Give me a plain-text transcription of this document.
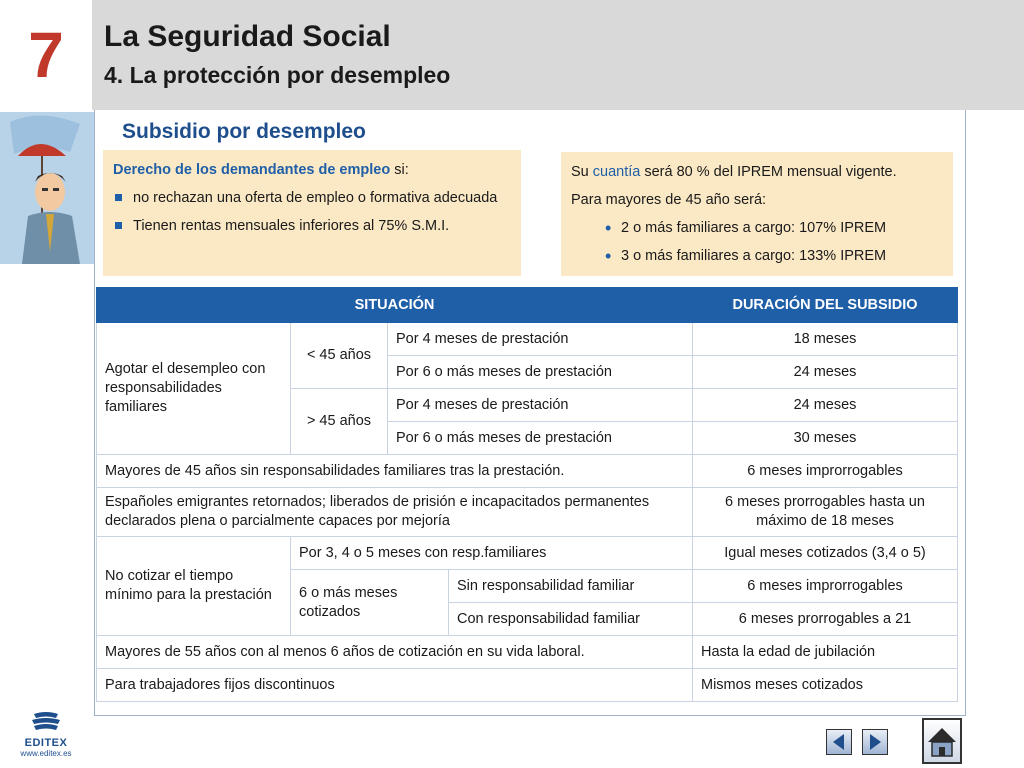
7 La Seguridad Social
4. La protección por desempleo
Subsidio por desempleo
Derecho de los demandantes de empleo si:
no rechazan una oferta de empleo o formativa adecuada
Tienen rentas mensuales inferiores al 75% S.M.I.
Su cuantía será 80 % del IPREM mensual vigente.
Para mayores de 45 año será:
• 2 o más familiares a cargo: 107% IPREM
• 3 o más familiares a cargo: 133% IPREM
SITUACIÓN				DURACIÓN DEL SUBSIDIO
Agotar el desempleo con responsabilidades familiares	< 45 años	Por 4 meses de prestación		18 meses
		Por 6 o más meses de prestación		24 meses
	> 45 años	Por 4 meses de prestación		24 meses
		Por 6 o más meses de prestación		30 meses
Mayores de 45 años sin responsabilidades familiares tras la prestación.				6 meses improrrogables
Españoles emigrantes retornados; liberados de prisión e incapacitados permanentes declarados plena o parcialmente capaces por mejoría				6 meses prorrogables hasta un máximo de 18 meses
No cotizar el tiempo mínimo para la prestación	Por 3, 4 o 5 meses con resp.familiares			Igual meses cotizados (3,4 o 5)
	6 o más meses cotizados		Sin responsabilidad familiar	6 meses improrrogables
			Con responsabilidad familiar	6 meses prorrogables a 21
Mayores de 55 años con al menos 6 años de cotización en su vida laboral.				Hasta la edad de jubilación
Para trabajadores fijos discontinuos				Mismos meses cotizados
EDITEX
www.editex.es
